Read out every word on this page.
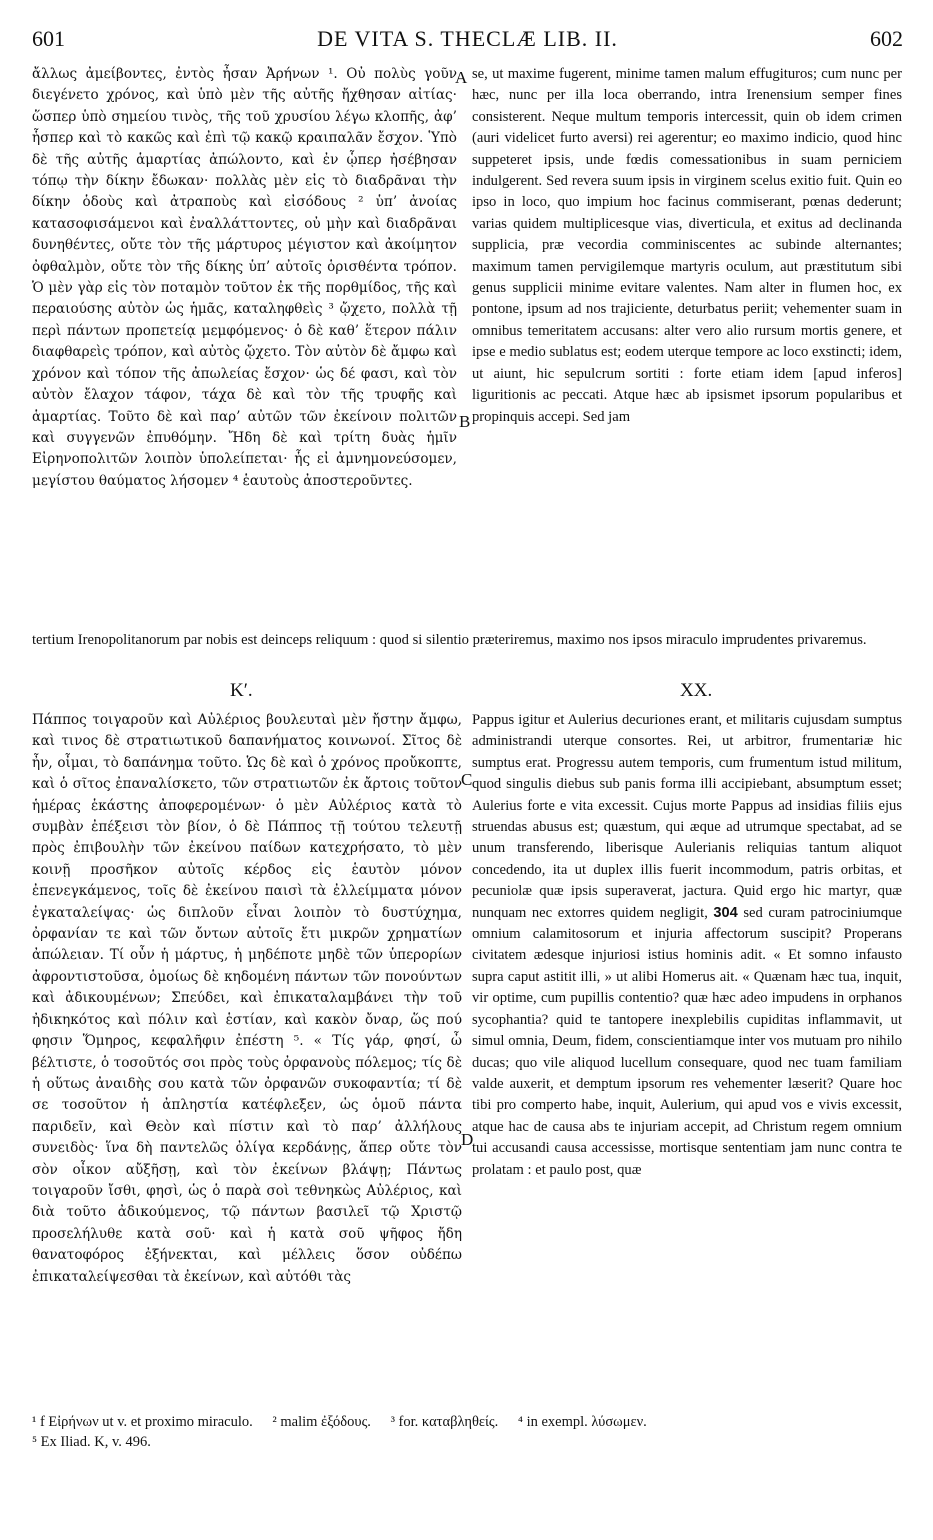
601	DE VITA S. THECLÆ LIB. II.	602

ἄλλως ἀμείβοντες, ἐντὸς ἦσαν Ἀρήνων ¹. Οὐ πολὺς γοῦν διεγένετο χρόνος, καὶ ὑπὸ μὲν τῆς αὐτῆς ἤχθησαν αἰτίας· ὥσπερ ὑπὸ σημείου τινὸς, τῆς τοῦ χρυσίου λέγω κλοπῆς, ἀφ’ ἧσπερ καὶ τὸ κακῶς καὶ ἐπὶ τῷ κακῷ κραιπαλᾶν ἔσχον. Ὑπὸ δὲ τῆς αὐτῆς ἁμαρτίας ἀπώλοντο, καὶ ἐν ᾧπερ ἠσέβησαν τόπῳ τὴν δίκην ἔδωκαν· πολλὰς μὲν εἰς τὸ διαδρᾶναι τὴν δίκην ὁδοὺς καὶ ἀτραποὺς καὶ εἰσόδους ² ὑπ’ ἀνοίας κατασοφισάμενοι καὶ ἐναλλάττοντες, οὐ μὴν καὶ διαδρᾶναι δυνηθέντες, οὔτε τὸν τῆς μάρτυρος μέγιστον καὶ ἀκοίμητον ὀφθαλμὸν, οὔτε τὸν τῆς δίκης ὑπ’ αὐτοῖς ὁρισθέντα τρόπον. Ὁ μὲν γὰρ εἰς τὸν ποταμὸν τοῦτον ἐκ τῆς πορθμίδος, τῆς καὶ περαιούσης αὐτὸν ὡς ἡμᾶς, καταληφθεὶς ³ ᾤχετο, πολλὰ τῇ περὶ πάντων προπετείᾳ μεμφόμενος· ὁ δὲ καθ’ ἕτερον πάλιν διαφθαρεὶς τρόπον, καὶ αὐτὸς ᾤχετο. Τὸν αὐτὸν δὲ ἄμφω καὶ χρόνον καὶ τόπον τῆς ἀπωλείας ἔσχον· ὡς δέ φασι, καὶ τὸν αὐτὸν ἔλαχον τάφον, τάχα δὲ καὶ τὸν τῆς τρυφῆς καὶ ἁμαρτίας. Τοῦτο δὲ καὶ παρ’ αὐτῶν τῶν ἐκείνοιν πολιτῶν καὶ συγγενῶν ἐπυθόμην. Ἤδη δὲ καὶ τρίτη δυὰς ἡμῖν Εἰρηνοπολιτῶν λοιπὸν ὑπολείπεται· ἧς εἰ ἀμνημονεύσομεν, μεγίστου θαύματος λήσομεν ⁴ ἑαυτοὺς ἀποστεροῦντες.

se, ut maxime fugerent, minime tamen malum effugituros; cum nunc per hæc, nunc per illa loca oberrando, intra Irenensium semper fines consisterent. Neque multum temporis intercessit, quin ob idem crimen (auri videlicet furto aversi) rei agerentur; eo maximo indicio, quod hinc suppeteret ipsis, unde fœdis comessationibus in suam perniciem indulgerent. Sed revera suum ipsis in virginem scelus exitio fuit. Quin eo ipso in loco, quo impium hoc facinus commiserant, pœnas dederunt; varias quidem multiplicesque vias, diverticula, et exitus ad declinanda supplicia, præ vecordia comminiscentes ac subinde alternantes; maximum tamen pervigilemque martyris oculum, aut præstitutum sibi genus supplicii minime evitare valentes. Nam alter in flumen hoc, ex pontone, ipsum ad nos trajiciente, deturbatus periit; vehementer suam in omnibus temeritatem accusans: alter vero alio rursum mortis genere, et ipse e medio sublatus est; eodem uterque tempore ac loco exstincti; idem, ut aiunt, hic sepulcrum sortiti : forte etiam idem [apud inferos] liguritionis ac peccati. Atque hæc ab ipsismet ipsorum popularibus et propinquis accepi. Sed jam

A
B
C
D

tertium Irenopolitanorum par nobis est deinceps reliquum : quod si silentio præteriremus, maximo nos ipsos miraculo imprudentes privaremus.

Κʹ.	XX.

Πάππος τοιγαροῦν καὶ Αὐλέριος βουλευταὶ μὲν ἤστην ἄμφω, καὶ τινος δὲ στρατιωτικοῦ δαπανήματος κοινωνοί. Σῖτος δὲ ἦν, οἶμαι, τὸ δαπάνημα τοῦτο. Ὡς δὲ καὶ ὁ χρόνος προὔκοπτε, καὶ ὁ σῖτος ἐπαναλίσκετο, τῶν στρατιωτῶν ἐκ ἄρτοις τοῦτον ἡμέρας ἑκάστης ἀποφερομένων· ὁ μὲν Αὐλέριος κατὰ τὸ συμβὰν ἐπέξεισι τὸν βίον, ὁ δὲ Πάππος τῇ τούτου τελευτῇ πρὸς ἐπιβουλὴν τῶν ἐκείνου παίδων κατεχρήσατο, τὸ μὲν κοινῇ προσῆκον αὐτοῖς κέρδος εἰς ἑαυτὸν μόνον ἐπενεγκάμενος, τοῖς δὲ ἐκείνου παισὶ τὰ ἐλλείμματα μόνον ἐγκαταλείψας· ὡς διπλοῦν εἶναι λοιπὸν τὸ δυστύχημα, ὀρφανίαν τε καὶ τῶν ὄντων αὐτοῖς ἔτι μικρῶν χρηματίων ἀπώλειαν. Τί οὖν ἡ μάρτυς, ἡ μηδέποτε μηδὲ τῶν ὑπερορίων ἀφροντιστοῦσα, ὁμοίως δὲ κηδομένη πάντων τῶν πονούντων καὶ ἀδικουμένων; Σπεύδει, καὶ ἐπικαταλαμβάνει τὴν τοῦ ἠδικηκότος καὶ πόλιν καὶ ἑστίαν, καὶ κακὸν ὄναρ, ὥς πού φησιν Ὅμηρος, κεφαλῆφιν ἐπέστη ⁵. « Τίς γάρ, φησί, ὦ βέλτιστε, ὁ τοσοῦτός σοι πρὸς τοὺς ὀρφανοὺς πόλεμος; τίς δὲ ἡ οὕτως ἀναιδὴς σου κατὰ τῶν ὀρφανῶν συκοφαντία; τί δὲ σε τοσοῦτον ἡ ἀπληστία κατέφλεξεν, ὡς ὁμοῦ πάντα παριδεῖν, καὶ Θεὸν καὶ πίστιν καὶ τὸ παρ’ ἀλλήλους συνειδὸς· ἵνα δὴ παντελῶς ὀλίγα κερδάνῃς, ἅπερ οὔτε τὸν σὸν οἶκον αὔξῆσῃ, καὶ τὸν ἐκείνων βλάψῃ; Πάντως τοιγαροῦν ἴσθι, φησὶ, ὡς ὁ παρὰ σοὶ τεθνηκὼς Αὐλέριος, καὶ διὰ τοῦτο ἀδικούμενος, τῷ πάντων βασιλεῖ τῷ Χριστῷ προσελήλυθε κατὰ σοῦ· καὶ ἡ κατὰ σοῦ ψῆφος ἤδη θανατοφόρος ἐξήνεκται, καὶ μέλλεις ὅσον οὐδέπω ἐπικαταλείψεσθαι τὰ ἐκείνων, καὶ αὐτόθι τὰς

Pappus igitur et Aulerius decuriones erant, et militaris cujusdam sumptus administrandi uterque consortes. Rei, ut arbitror, frumentariæ hic sumptus erat. Progressu autem temporis, cum frumentum istud militum, quod singulis diebus sub panis forma illi accipiebant, absumptum esset; Aulerius forte e vita excessit. Cujus morte Pappus ad insidias filiis ejus struendas abusus est; quæstum, qui æque ad utrumque spectabat, ad se unum transferendo, liberisque Aulerianis reliquias tantum aliquot concedendo, ita ut duplex illis fuerit incommodum, patris orbitas, et pecuniolæ quæ ipsis superaverat, jactura. Quid ergo hic martyr, quæ nunquam nec extorres quidem negligit, 304 sed curam patrociniumque omnium calamitosorum et injuria affectorum suscipit? Properans civitatem ædesque injuriosi istius hominis adit. « Et somno infausto supra caput astitit illi, » ut alibi Homerus ait. « Quænam hæc tua, inquit, vir optime, cum pupillis contentio? quæ hæc adeo impudens in orphanos sycophantia? quid te tantopere inexplebilis cupiditas inflammavit, ut simul omnia, Deum, fidem, conscientiamque inter vos mutuam pro nihilo ducas; quo vile aliquod lucellum consequare, quod nec tuam familiam valde auxerit, et demptum ipsorum res vehementer læserit? Quare hoc tibi pro comperto habe, inquit, Aulerium, qui apud vos e vivis excessit, atque hac de causa abs te injuriam accepit, ad Christum regem omnium tui accusandi causa accessisse, mortisque sententiam jam nunc contra te prolatam : et paulo post, quæ

¹ f Εἰρήνων ut v. et proximo miraculo. ² malim ἐξόδους. ³ for. καταβληθείς. ⁴ in exempl. λύσωμεν.
⁵ Ex Iliad. K, v. 496.
